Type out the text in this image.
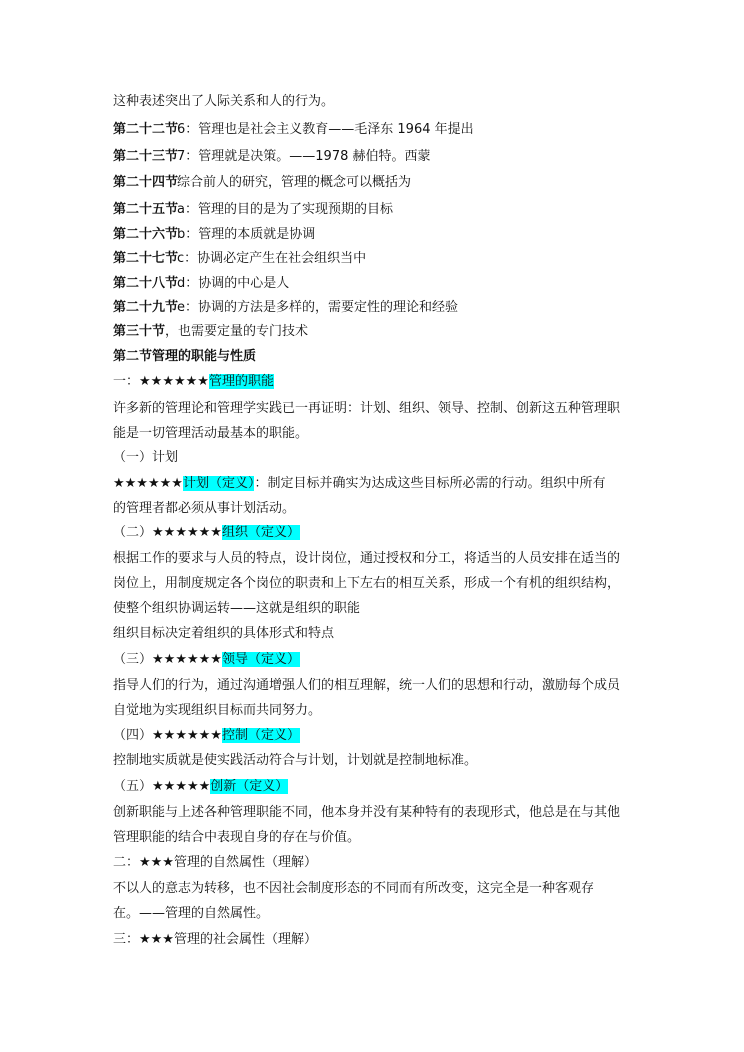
这种表述突出了人际关系和人的行为。
第二十二节6：管理也是社会主义教育——毛泽东 1964 年提出
第二十三节7：管理就是决策。——1978 赫伯特。西蒙
第二十四节综合前人的研究，管理的概念可以概括为
第二十五节a：管理的目的是为了实现预期的目标
第二十六节b：管理的本质就是协调
第二十七节c：协调必定产生在社会组织当中
第二十八节d：协调的中心是人
第二十九节e：协调的方法是多样的，需要定性的理论和经验
第三十节，也需要定量的专门技术
第二节管理的职能与性质
一：★★★★★★管理的职能
许多新的管理论和管理学实践已一再证明：计划、组织、领导、控制、创新这五种管理职
能是一切管理活动最基本的职能。
（一）计划
★★★★★★计划（定义）：制定目标并确实为达成这些目标所必需的行动。组织中所有
的管理者都必须从事计划活动。
（二）★★★★★★组织（定义）
根据工作的要求与人员的特点，设计岗位，通过授权和分工，将适当的人员安排在适当的
岗位上，用制度规定各个岗位的职责和上下左右的相互关系，形成一个有机的组织结构，
使整个组织协调运转——这就是组织的职能
组织目标决定着组织的具体形式和特点
（三）★★★★★★领导（定义）
指导人们的行为，通过沟通增强人们的相互理解，统一人们的思想和行动，激励每个成员
自觉地为实现组织目标而共同努力。
（四）★★★★★★控制（定义）
控制地实质就是使实践活动符合与计划，计划就是控制地标准。
（五）★★★★★创新（定义）
创新职能与上述各种管理职能不同，他本身并没有某种特有的表现形式，他总是在与其他
管理职能的结合中表现自身的存在与价值。
二：★★★管理的自然属性（理解）
不以人的意志为转移，也不因社会制度形态的不同而有所改变，这完全是一种客观存
在。——管理的自然属性。
三：★★★管理的社会属性（理解）
